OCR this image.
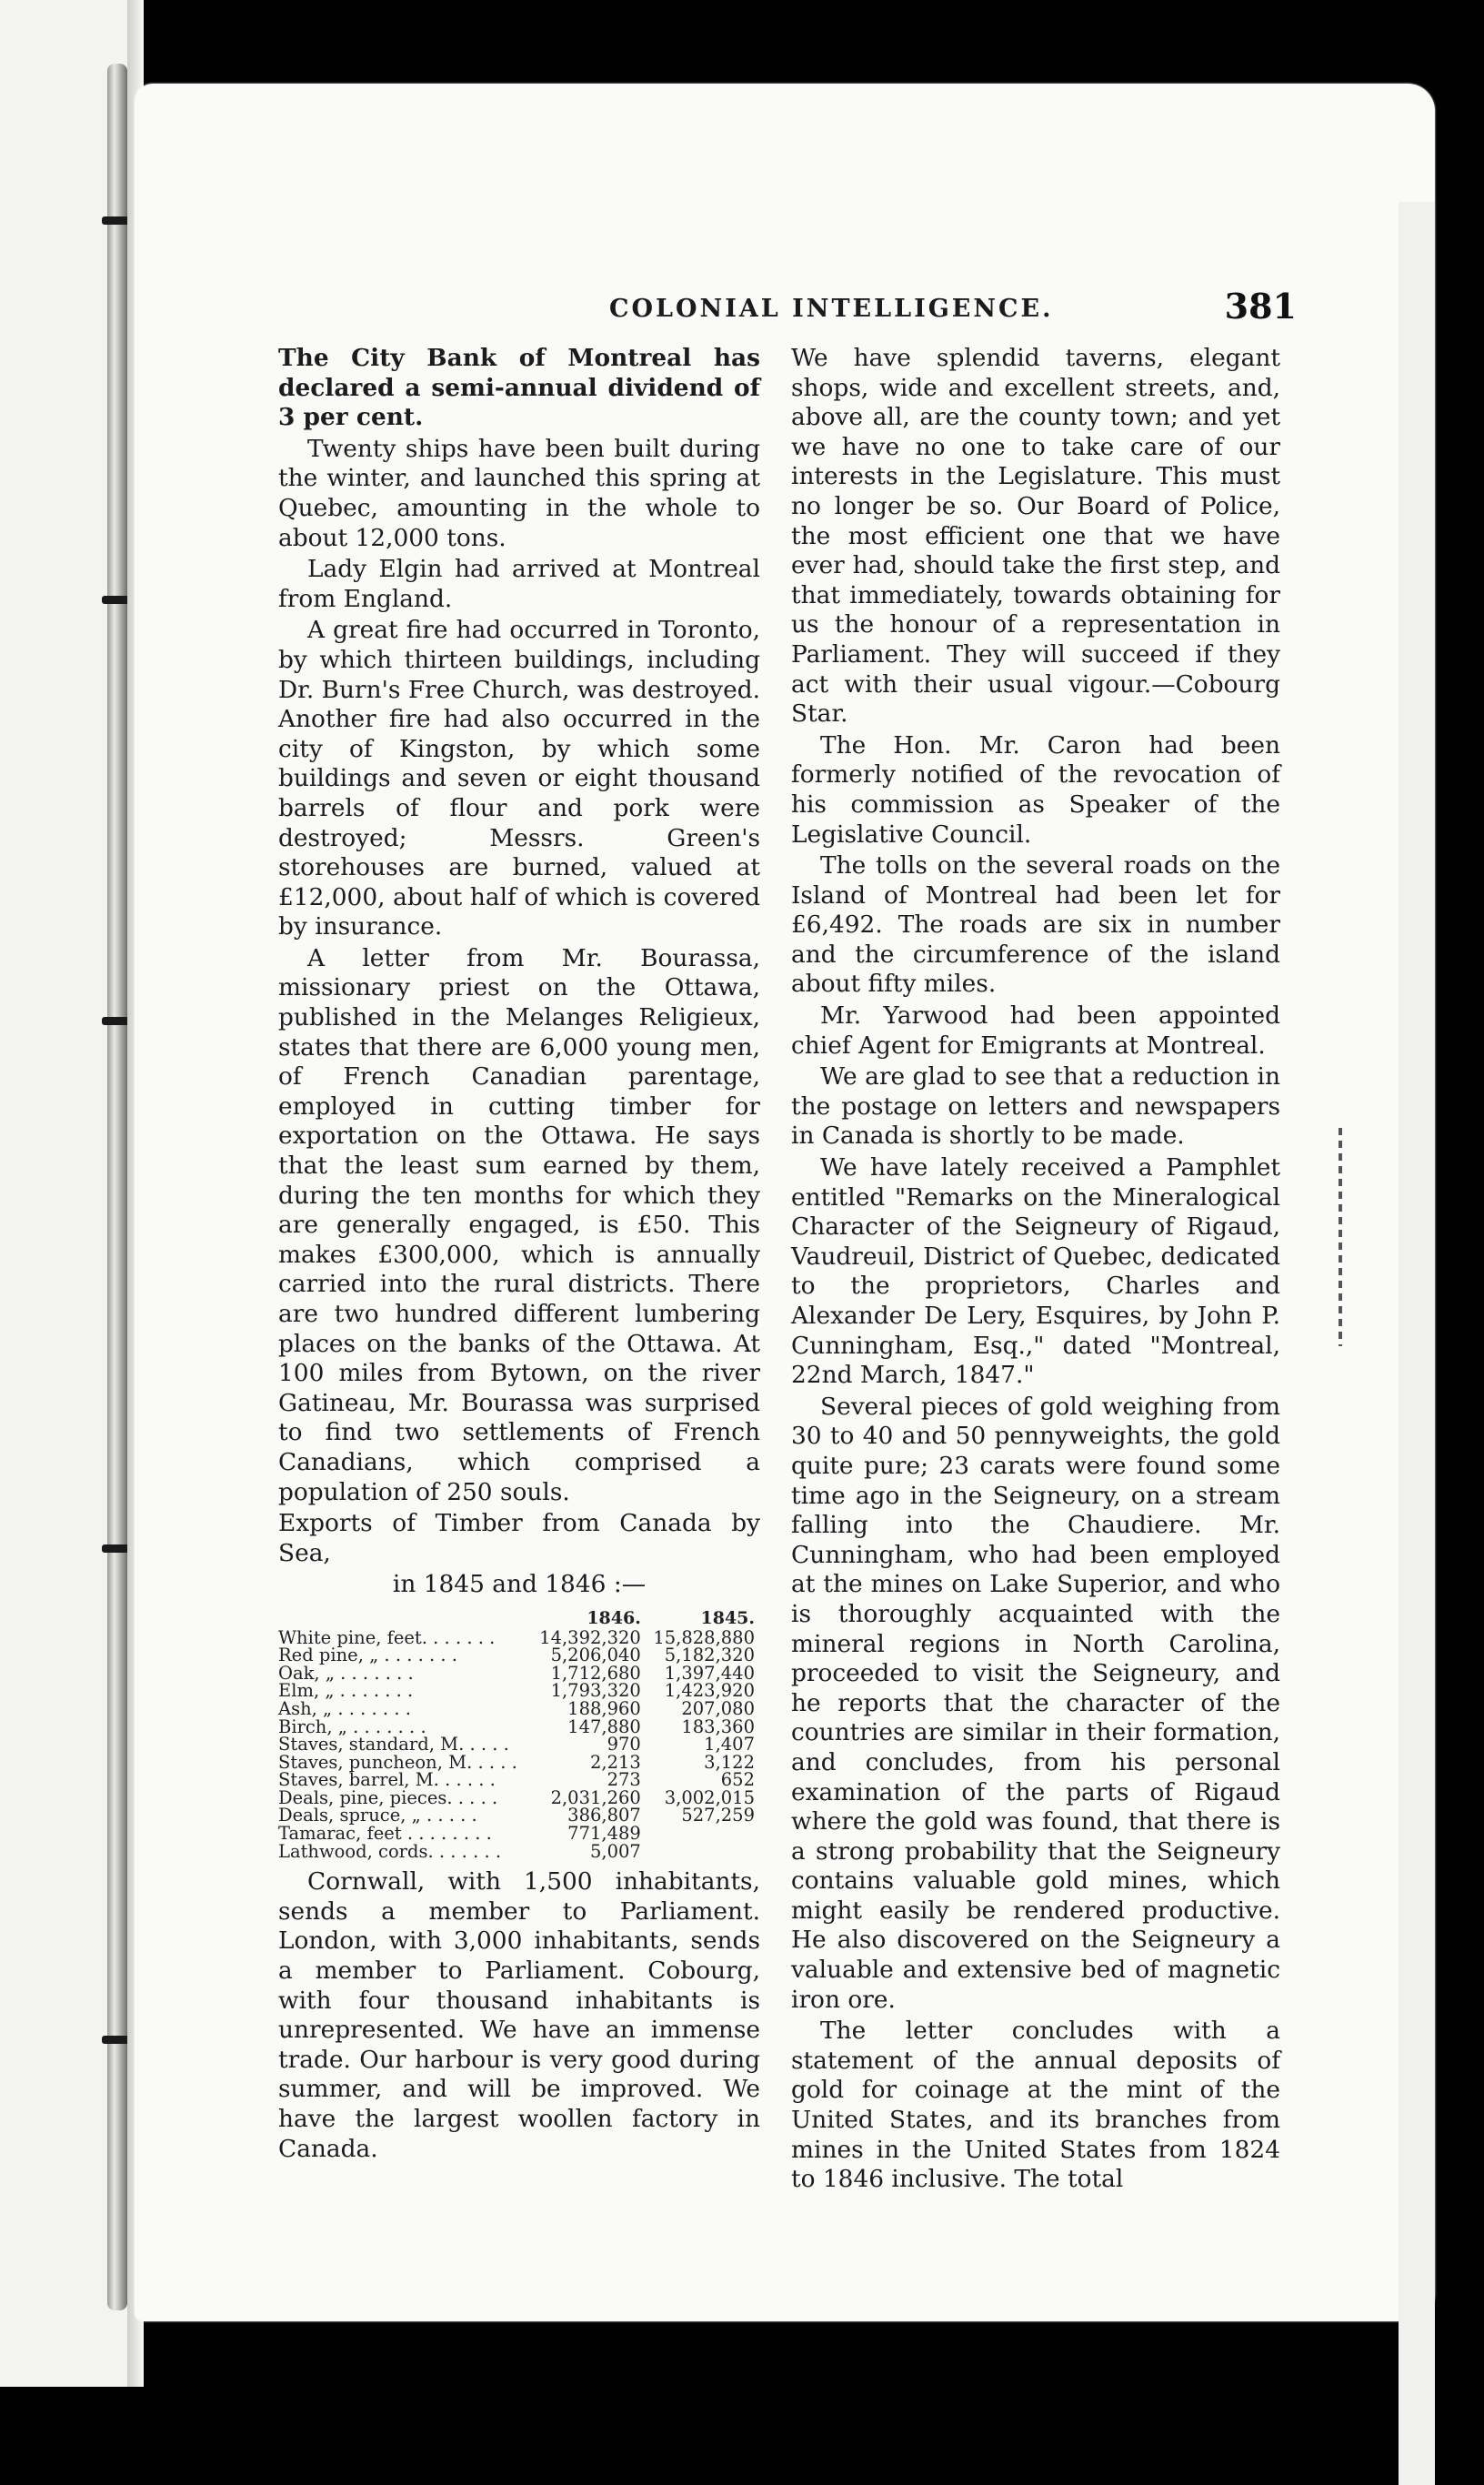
COLONIAL INTELLIGENCE.	381

The City Bank of Montreal has declared a semi-annual dividend of 3 per cent.

Twenty ships have been built during the winter, and launched this spring at Quebec, amounting in the whole to about 12,000 tons.

Lady Elgin had arrived at Montreal from England.

A great fire had occurred in Toronto, by which thirteen buildings, including Dr. Burn's Free Church, was destroyed. Another fire had also occurred in the city of Kingston, by which some buildings and seven or eight thousand barrels of flour and pork were destroyed; Messrs. Green's storehouses are burned, valued at £12,000, about half of which is covered by insurance.

A letter from Mr. Bourassa, missionary priest on the Ottawa, published in the Melanges Religieux, states that there are 6,000 young men, of French Canadian parentage, employed in cutting timber for exportation on the Ottawa. He says that the least sum earned by them, during the ten months for which they are generally engaged, is £50. This makes £300,000, which is annually carried into the rural districts. There are two hundred different lumbering places on the banks of the Ottawa. At 100 miles from Bytown, on the river Gatineau, Mr. Bourassa was surprised to find two settlements of French Canadians, which comprised a population of 250 souls.

Exports of Timber from Canada by Sea,

in 1845 and 1846 :—

	1846.	1845.
White pine, feet. . . . . . .	14,392,320	15,828,880
Red pine, „ . . . . . . .	5,206,040	5,182,320
Oak, „ . . . . . . .	1,712,680	1,397,440
Elm, „ . . . . . . .	1,793,320	1,423,920
Ash, „ . . . . . . .	188,960	207,080
Birch, „ . . . . . . .	147,880	183,360
Staves, standard, M. . . . .	970	1,407
Staves, puncheon, M. . . . .	2,213	3,122
Staves, barrel, M. . . . . .	273	652
Deals, pine, pieces. . . . .	2,031,260	3,002,015
Deals, spruce, „ . . . . .	386,807	527,259
Tamarac, feet . . . . . . . .	771,489	
Lathwood, cords. . . . . . .	5,007	

Cornwall, with 1,500 inhabitants, sends a member to Parliament. London, with 3,000 inhabitants, sends a member to Parliament. Cobourg, with four thousand inhabitants is unrepresented. We have an immense trade. Our harbour is very good during summer, and will be improved. We have the largest woollen factory in Canada.

We have splendid taverns, elegant shops, wide and excellent streets, and, above all, are the county town; and yet we have no one to take care of our interests in the Legislature. This must no longer be so. Our Board of Police, the most efficient one that we have ever had, should take the first step, and that immediately, towards obtaining for us the honour of a representation in Parliament. They will succeed if they act with their usual vigour.—Cobourg Star.

The Hon. Mr. Caron had been formerly notified of the revocation of his commission as Speaker of the Legislative Council.

The tolls on the several roads on the Island of Montreal had been let for £6,492. The roads are six in number and the circumference of the island about fifty miles.

Mr. Yarwood had been appointed chief Agent for Emigrants at Montreal.

We are glad to see that a reduction in the postage on letters and newspapers in Canada is shortly to be made.

We have lately received a Pamphlet entitled "Remarks on the Mineralogical Character of the Seigneury of Rigaud, Vaudreuil, District of Quebec, dedicated to the proprietors, Charles and Alexander De Lery, Esquires, by John P. Cunningham, Esq.," dated "Montreal, 22nd March, 1847."

Several pieces of gold weighing from 30 to 40 and 50 pennyweights, the gold quite pure; 23 carats were found some time ago in the Seigneury, on a stream falling into the Chaudiere. Mr. Cunningham, who had been employed at the mines on Lake Superior, and who is thoroughly acquainted with the mineral regions in North Carolina, proceeded to visit the Seigneury, and he reports that the character of the countries are similar in their formation, and concludes, from his personal examination of the parts of Rigaud where the gold was found, that there is a strong probability that the Seigneury contains valuable gold mines, which might easily be rendered productive. He also discovered on the Seigneury a valuable and extensive bed of magnetic iron ore.

The letter concludes with a statement of the annual deposits of gold for coinage at the mint of the United States, and its branches from mines in the United States from 1824 to 1846 inclusive. The total
